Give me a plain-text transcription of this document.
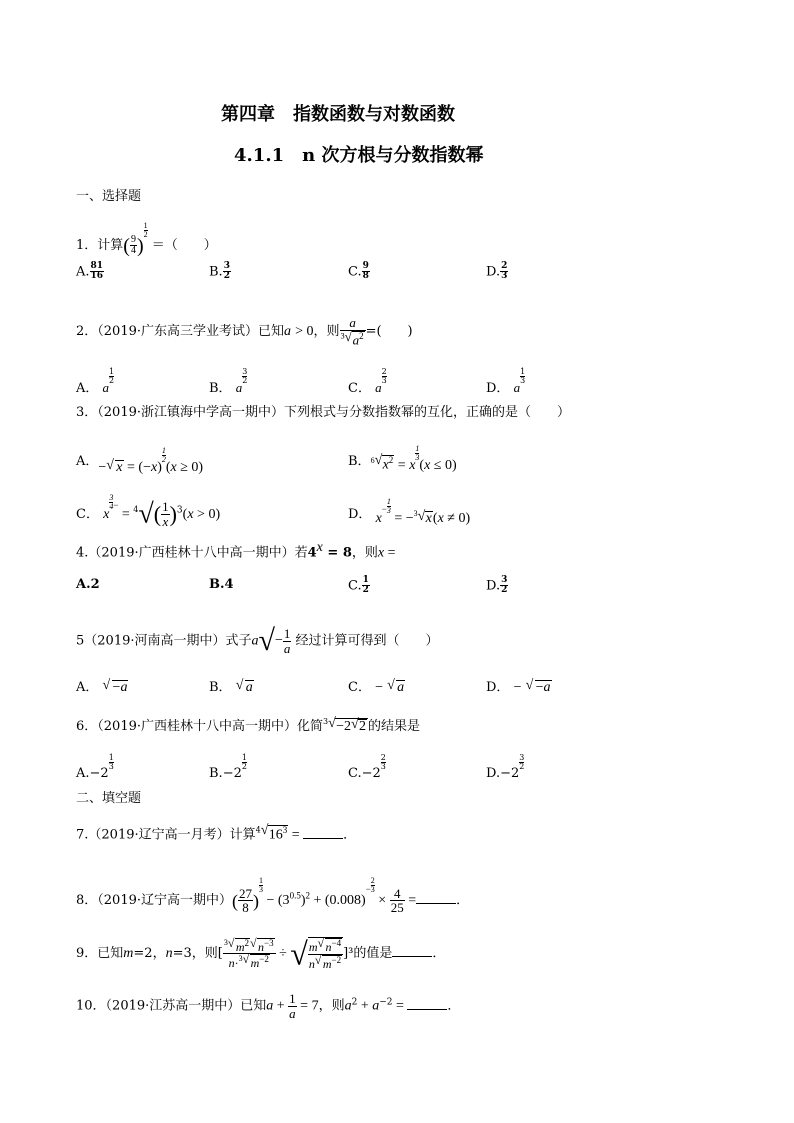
第四章　指数函数与对数函数
4.1.1　n 次方根与分数指数幂
一、选择题
1．计算( $\frac{9}{4}$ )
$\frac{1}{2}$
＝（　　）
A. $\frac{81}{16}$	B. $\frac{3}{2}$	C. $\frac{9}{8}$	D. $\frac{2}{3}$
2．（2019·广东高三学业考试）已知a > 0，则 $\frac{a}{^3 √ a^2}$ =(　　)
A． a
$\frac{1}{2}$
B． a
$\frac{3}{2}$
C． a
$\frac{2}{3}$
D． a
$\frac{1}{3}$
3．（2019·浙江镇海中学高一期中）下列根式与分数指数幂的互化，正确的是（　　）
A．− √ x = (−x)
$\frac{1}{2}$
(x ≥ 0)	B．$^6$ √ $x^2 = x$
$\frac{1}{3}$
(x ≤ 0)
C． x
$\frac{3}{4} ^- = ^4√( \frac{1}{x} )^3(x > 0)$	D． $x^- \frac{1}{3}$
= −$^3$ √ x(x ≠ 0)
4.（2019·广西桂林十八中高一期中）若$4^x = 8$，则x =
A.2	B.4	C. $\frac{1}{2}$	D. $\frac{3}{2}$
5（2019·河南高一期中）式子$a√- \frac{1}{a}$ 经过计算可得到（　　）
A． √ −a	B． √ a	C． − √ a	D． − √ −a
6．（2019·广西桂林十八中高一期中）化简$^3$ √ −2 √ 2 的结果是
A.−2
$\frac{1}{3}$
B.−2
$\frac{1}{2}$
C.−2
$\frac{2}{3}$
D.−2
$\frac{3}{2}$
二、填空题
7.（2019·辽宁高一月考）计算$^4$ √ $16^3$ =	．
8．（2019·辽宁高一期中）( $\frac{27}{8}$ )
$\frac{1}{3}$
− $(3^{0.5})^2 + (0.008)^- \frac{2}{3}$
× $\frac{4}{25}$ =	．
9．已知m=2，n=3，则[ $\frac{^3 √ m^2 √ n^{-3}}{n\cdot^3 √ m^{-2}}$ ÷ √ $\frac{m √ n^{-4}}{n √ m^{-2}} ]^3$的值是	．
10．（2019·江苏高一期中）已知$a + \frac{1}{a} = 7$，则$a^2 + a^{-2}$ =	．
